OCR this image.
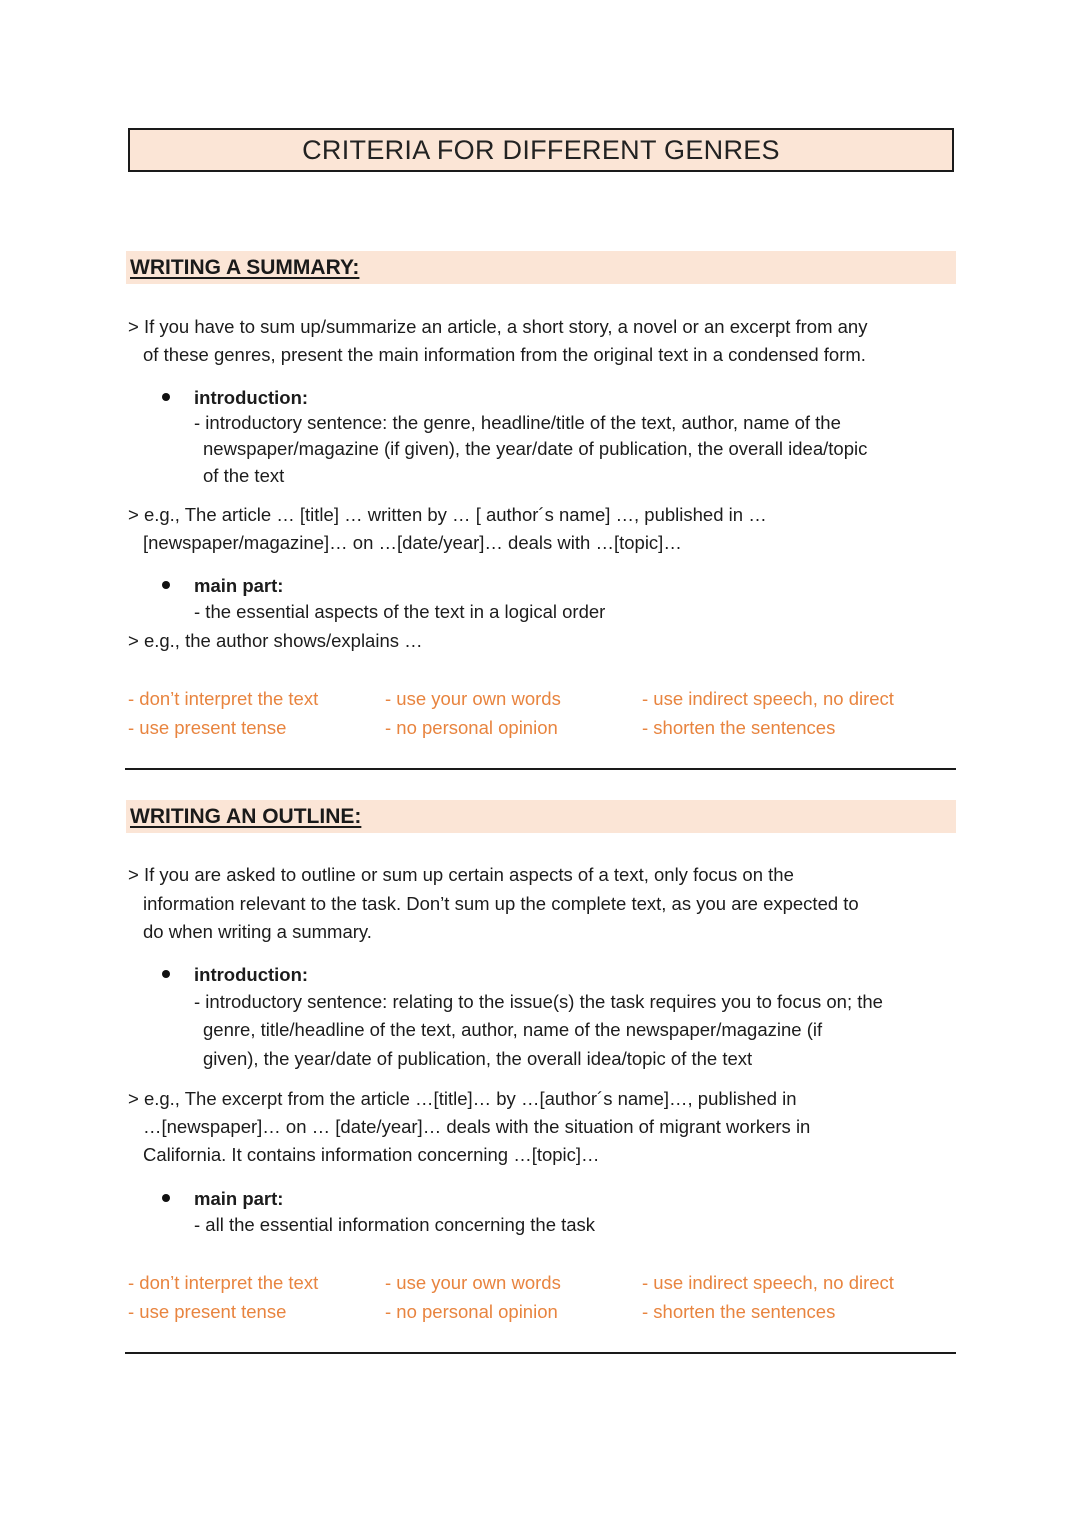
CRITERIA FOR DIFFERENT GENRES
WRITING A SUMMARY:
> If you have to sum up/summarize an article, a short story, a novel or an excerpt from any
of these genres, present the main information from the original text in a condensed form.
introduction:
- introductory sentence: the genre, headline/title of the text, author, name of the
newspaper/magazine (if given), the year/date of publication, the overall idea/topic
of the text
> e.g., The article … [title] … written by … [ author´s name] …, published in …
[newspaper/magazine]… on …[date/year]… deals with …[topic]…
main part:
- the essential aspects of the text in a logical order
> e.g., the author shows/explains …
- don’t interpret the text
- use present tense
- use your own words
- no personal opinion
- use indirect speech, no direct
- shorten the sentences
WRITING AN OUTLINE:
> If you are asked to outline or sum up certain aspects of a text, only focus on the
information relevant to the task. Don’t sum up the complete text, as you are expected to
do when writing a summary.
introduction:
- introductory sentence: relating to the issue(s) the task requires you to focus on; the
genre, title/headline of the text, author, name of the newspaper/magazine (if
given), the year/date of publication, the overall idea/topic of the text
> e.g., The excerpt from the article …[title]… by …[author´s name]…, published in
…[newspaper]… on … [date/year]… deals with the situation of migrant workers in
California. It contains information concerning …[topic]…
main part:
- all the essential information concerning the task
- don’t interpret the text
- use present tense
- use your own words
- no personal opinion
- use indirect speech, no direct
- shorten the sentences
